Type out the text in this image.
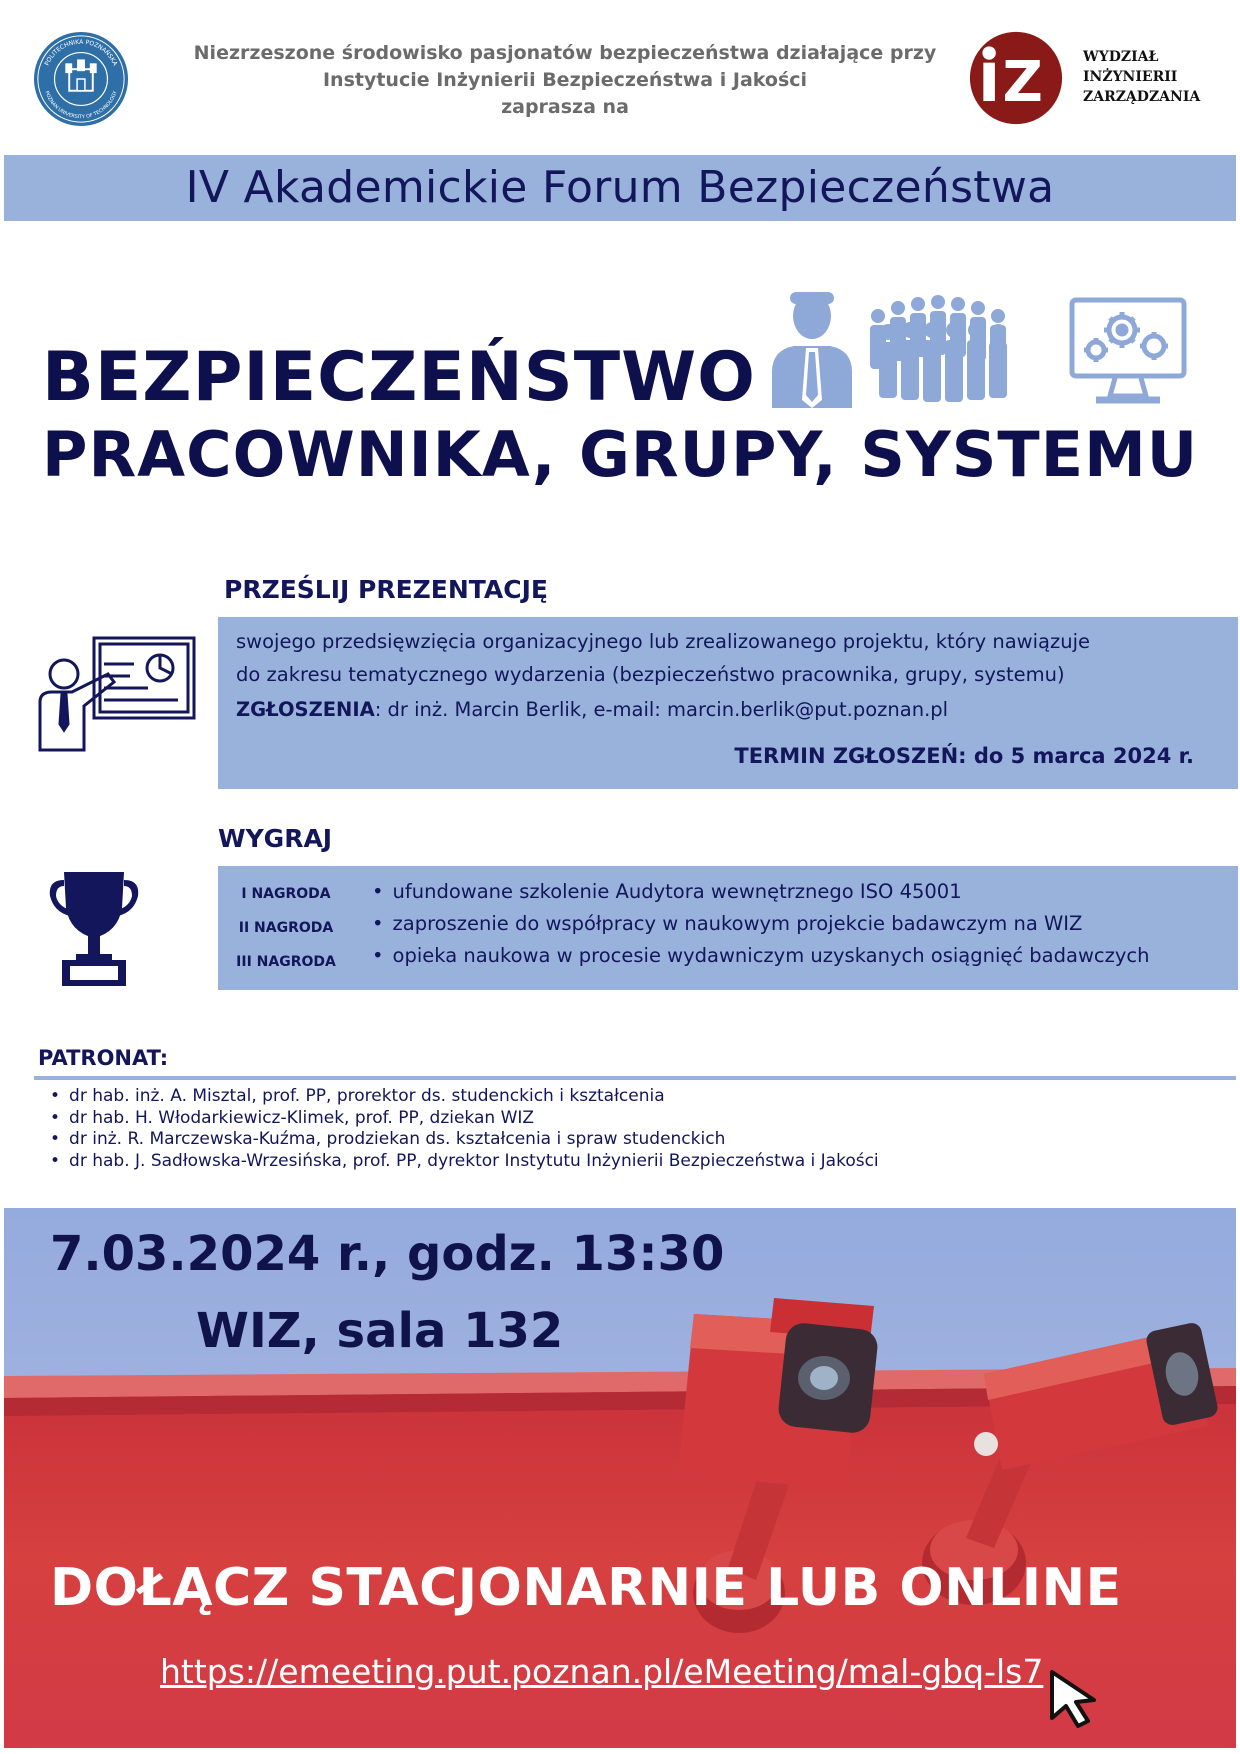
POLITECHNIKA POZNAŃSKA
POZNAN UNIVERSITY OF TECHNOLOGY
Niezrzeszone środowisko pasjonatów bezpieczeństwa działające przy
Instytucie Inżynierii Bezpieczeństwa i Jakości
zaprasza na	Z	WYDZIAŁ
INŻYNIERII
ZARZĄDZANIA
IV Akademickie Forum Bezpieczeństwa
BEZPIECZEŃSTWO
PRACOWNIKA, GRUPY, SYSTEMU
PRZEŚLIJ PREZENTACJĘ
swojego przedsięwzięcia organizacyjnego lub zrealizowanego projektu, który nawiązuje
do zakresu tematycznego wydarzenia (bezpieczeństwo pracownika, grupy, systemu)
ZGŁOSZENIA: dr inż. Marcin Berlik, e-mail: marcin.berlik@put.poznan.pl
TERMIN ZGŁOSZEŃ: do 5 marca 2024 r.
WYGRAJ
I NAGRODA	• ufundowane szkolenie Audytora wewnętrznego ISO 45001
II NAGRODA	• zaproszenie do współpracy w naukowym projekcie badawczym na WIZ
III NAGRODA	• opieka naukowa w procesie wydawniczym uzyskanych osiągnięć badawczych
PATRONAT:
• dr hab. inż. A. Misztal, prof. PP, prorektor ds. studenckich i kształcenia
• dr hab. H. Włodarkiewicz-Klimek, prof. PP, dziekan WIZ
• dr inż. R. Marczewska-Kuźma, prodziekan ds. kształcenia i spraw studenckich
• dr hab. J. Sadłowska-Wrzesińska, prof. PP, dyrektor Instytutu Inżynierii Bezpieczeństwa i Jakości
7.03.2024 r., godz. 13:30
WIZ, sala 132
DOŁĄCZ STACJONARNIE LUB ONLINE
https://emeeting.put.poznan.pl/eMeeting/mal-gbq-ls7
